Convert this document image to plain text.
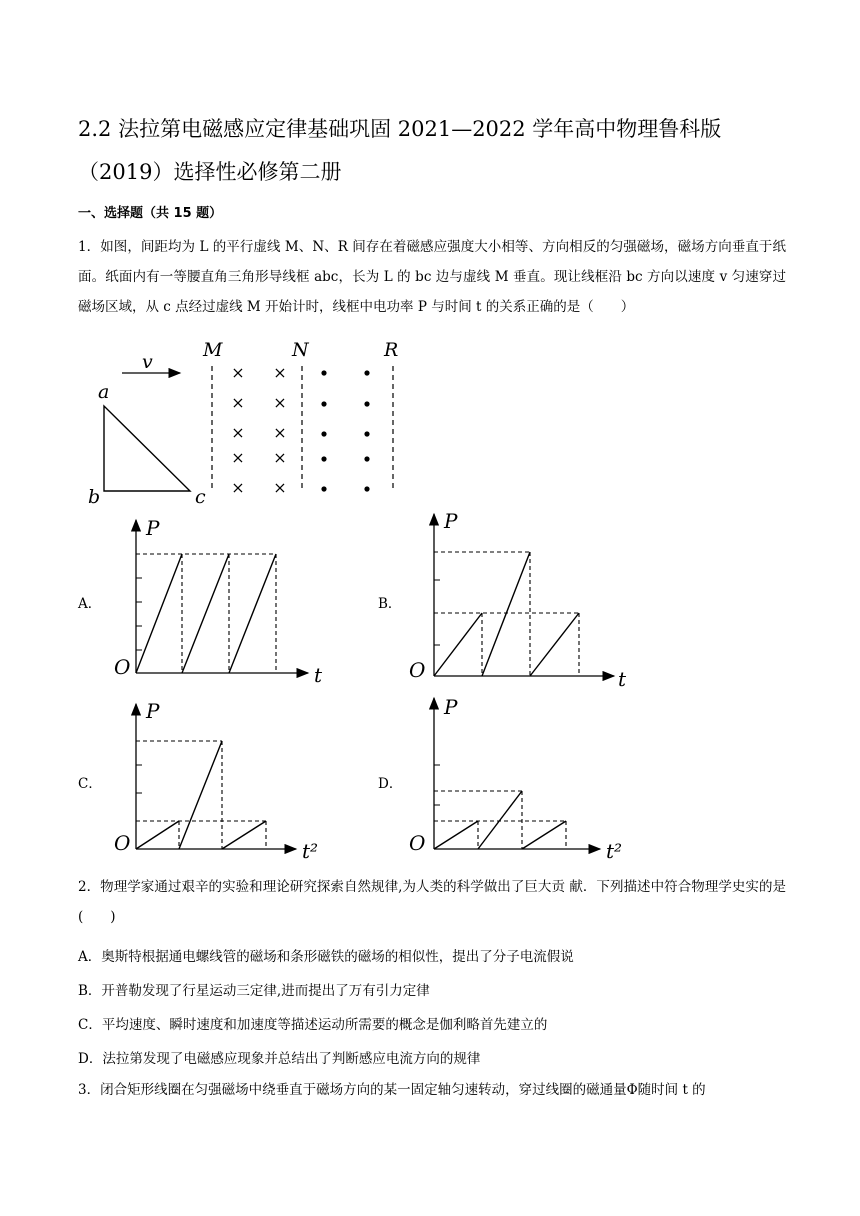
2.2 法拉第电磁感应定律基础巩固 2021—2022 学年高中物理鲁科版（2019）选择性必修第二册
一、选择题（共 15 题）
1．如图，间距均为 L 的平行虚线 M、N、R 间存在着磁感应强度大小相等、方向相反的匀强磁场，磁场方向垂直于纸面。纸面内有一等腰直角三角形导线框 abc，长为 L 的 bc 边与虚线 M 垂直。现让线框沿 bc 方向以速度 v 匀速穿过磁场区域，从 c 点经过虚线 M 开始计时，线框中电功率 P 与时间 t 的关系正确的是（　　）
v
a
b	c
M	N	R
× ×
× ×
× ×
× ×
× ×
P
t
O
P
t
O
P
t²
O
P
t²
O
A．	B．
C．	D．
2．物理学家通过艰辛的实验和理论研究探索自然规律,为人类的科学做出了巨大贡 献．下列描述中符合物理学史实的是(　　)
A．奥斯特根据通电螺线管的磁场和条形磁铁的磁场的相似性，提出了分子电流假说
B．开普勒发现了行星运动三定律,进而提出了万有引力定律
C．平均速度、瞬时速度和加速度等描述运动所需要的概念是伽利略首先建立的
D．法拉第发现了电磁感应现象并总结出了判断感应电流方向的规律
3．闭合矩形线圈在匀强磁场中绕垂直于磁场方向的某一固定轴匀速转动，穿过线圈的磁通量Φ随时间 t 的
